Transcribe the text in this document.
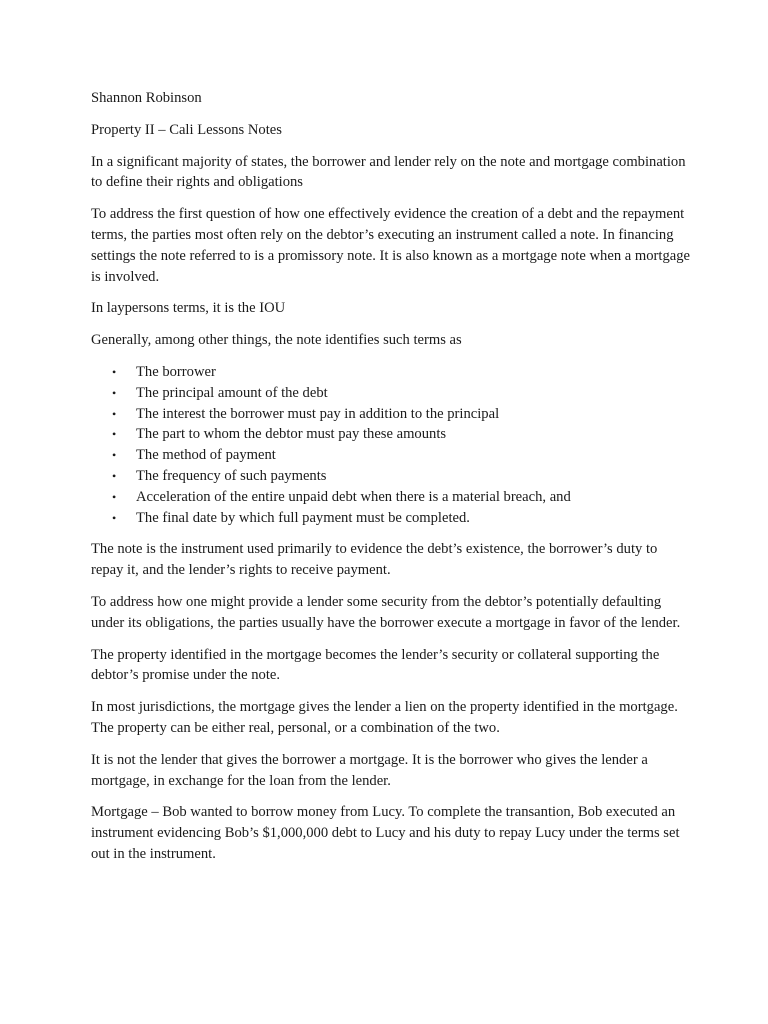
Shannon Robinson

Property II – Cali Lessons Notes

In a significant majority of states, the borrower and lender rely on the note and mortgage combination to define their rights and obligations

To address the first question of how one effectively evidence the creation of a debt and the repayment terms, the parties most often rely on the debtor’s executing an instrument called a note. In financing settings the note referred to is a promissory note. It is also known as a mortgage note when a mortgage is involved.

In laypersons terms, it is the IOU

Generally, among other things, the note identifies such terms as

• The borrower
• The principal amount of the debt
• The interest the borrower must pay in addition to the principal
• The part to whom the debtor must pay these amounts
• The method of payment
• The frequency of such payments
• Acceleration of the entire unpaid debt when there is a material breach, and
• The final date by which full payment must be completed.

The note is the instrument used primarily to evidence the debt’s existence, the borrower’s duty to repay it, and the lender’s rights to receive payment.

To address how one might provide a lender some security from the debtor’s potentially defaulting under its obligations, the parties usually have the borrower execute a mortgage in favor of the lender.

The property identified in the mortgage becomes the lender’s security or collateral supporting the debtor’s promise under the note.

In most jurisdictions, the mortgage gives the lender a lien on the property identified in the mortgage. The property can be either real, personal, or a combination of the two.

It is not the lender that gives the borrower a mortgage. It is the borrower who gives the lender a mortgage, in exchange for the loan from the lender.

Mortgage – Bob wanted to borrow money from Lucy. To complete the transantion, Bob executed an instrument evidencing Bob’s $1,000,000 debt to Lucy and his duty to repay Lucy under the terms set out in the instrument.
